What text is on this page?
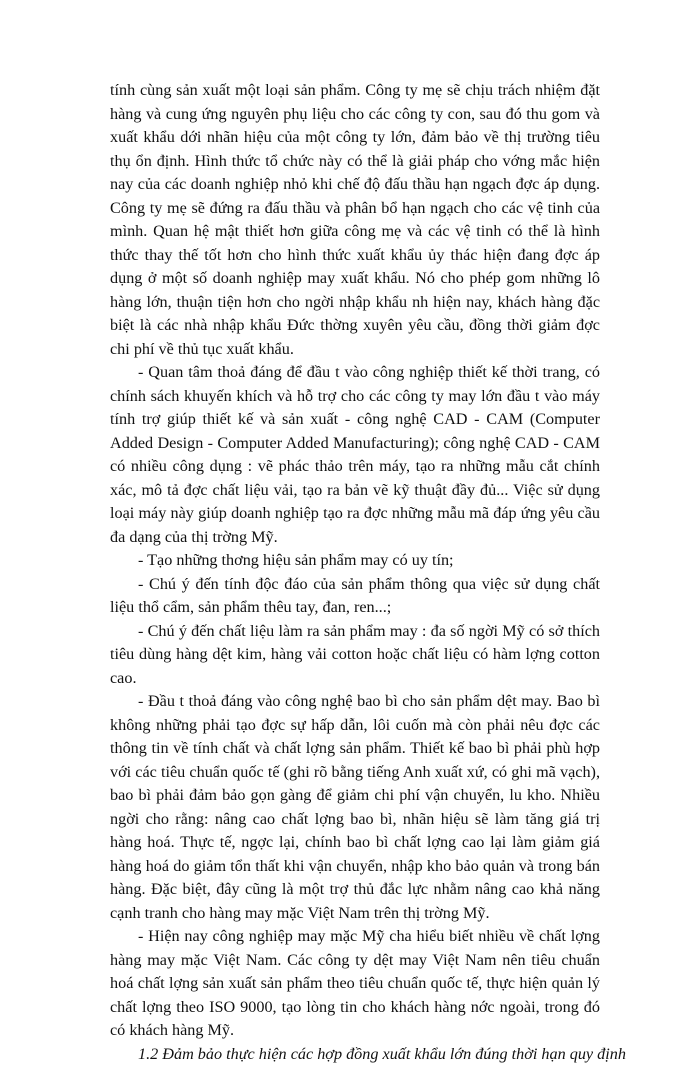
tính cùng sản xuất một loại sản phẩm. Công ty mẹ sẽ chịu trách nhiệm đặt hàng và cung ứng nguyên phụ liệu cho các công ty con, sau đó thu gom và xuất khẩu dới nhãn hiệu của một công ty lớn, đảm bảo về thị trường tiêu thụ ổn định. Hình thức tổ chức này có thể là giải pháp cho vớng mắc hiện nay của các doanh nghiệp nhỏ khi chế độ đấu thầu hạn ngạch đợc áp dụng. Công ty mẹ sẽ đứng ra đấu thầu và phân bổ hạn ngạch cho các vệ tinh của mình. Quan hệ mật thiết hơn giữa công mẹ và các vệ tinh có thể là hình thức thay thế tốt hơn cho hình thức xuất khẩu ủy thác hiện đang đợc áp dụng ở một số doanh nghiệp may xuất khẩu. Nó cho phép gom những lô hàng lớn, thuận tiện hơn cho ngời nhập khẩu nh hiện nay, khách hàng đặc biệt là các nhà nhập khẩu Đức thờng xuyên yêu cầu, đồng thời giảm đợc chi phí về thủ tục xuất khẩu.

- Quan tâm thoả đáng để đầu t vào công nghiệp thiết kế thời trang, có chính sách khuyến khích và hỗ trợ cho các công ty may lớn đầu t vào máy tính trợ giúp thiết kế và sản xuất - công nghệ CAD - CAM (Computer Added Design - Computer Added Manufacturing); công nghệ CAD - CAM có nhiều công dụng : vẽ phác thảo trên máy, tạo ra những mẫu cắt chính xác, mô tả đợc chất liệu vải, tạo ra bản vẽ kỹ thuật đầy đủ... Việc sử dụng loại máy này giúp doanh nghiệp tạo ra đợc những mẫu mã đáp ứng yêu cầu đa dạng của thị trờng Mỹ.

- Tạo những thơng hiệu sản phẩm may có uy tín;

- Chú ý đến tính độc đáo của sản phẩm thông qua việc sử dụng chất liệu thổ cẩm, sản phẩm thêu tay, đan, ren...;

- Chú ý đến chất liệu làm ra sản phẩm may : đa số ngời Mỹ có sở thích tiêu dùng hàng dệt kim, hàng vải cotton hoặc chất liệu có hàm lợng cotton cao.

- Đầu t thoả đáng vào công nghệ bao bì cho sản phẩm dệt may. Bao bì không những phải tạo đợc sự hấp dẫn, lôi cuốn mà còn phải nêu đợc các thông tin về tính chất và chất lợng sản phẩm. Thiết kế bao bì phải phù hợp với các tiêu chuẩn quốc tế (ghi rõ bằng tiếng Anh xuất xứ, có ghi mã vạch), bao bì phải đảm bảo gọn gàng để giảm chi phí vận chuyển, lu kho. Nhiều ngời cho rằng: nâng cao chất lợng bao bì, nhãn hiệu sẽ làm tăng giá trị hàng hoá. Thực tế, ngợc lại, chính bao bì chất lợng cao lại làm giảm giá hàng hoá do giảm tổn thất khi vận chuyển, nhập kho bảo quản và trong bán hàng. Đặc biệt, đây cũng là một trợ thủ đắc lực nhằm nâng cao khả năng cạnh tranh cho hàng may mặc Việt Nam trên thị trờng Mỹ.

- Hiện nay công nghiệp may mặc Mỹ cha hiểu biết nhiều về chất lợng hàng may mặc Việt Nam. Các công ty dệt may Việt Nam nên tiêu chuẩn hoá chất lợng sản xuất sản phẩm theo tiêu chuẩn quốc tế, thực hiện quản lý chất lợng theo ISO 9000, tạo lòng tin cho khách hàng nớc ngoài, trong đó có khách hàng Mỹ.

1.2 Đảm bảo thực hiện các hợp đồng xuất khẩu lớn đúng thời hạn quy định
